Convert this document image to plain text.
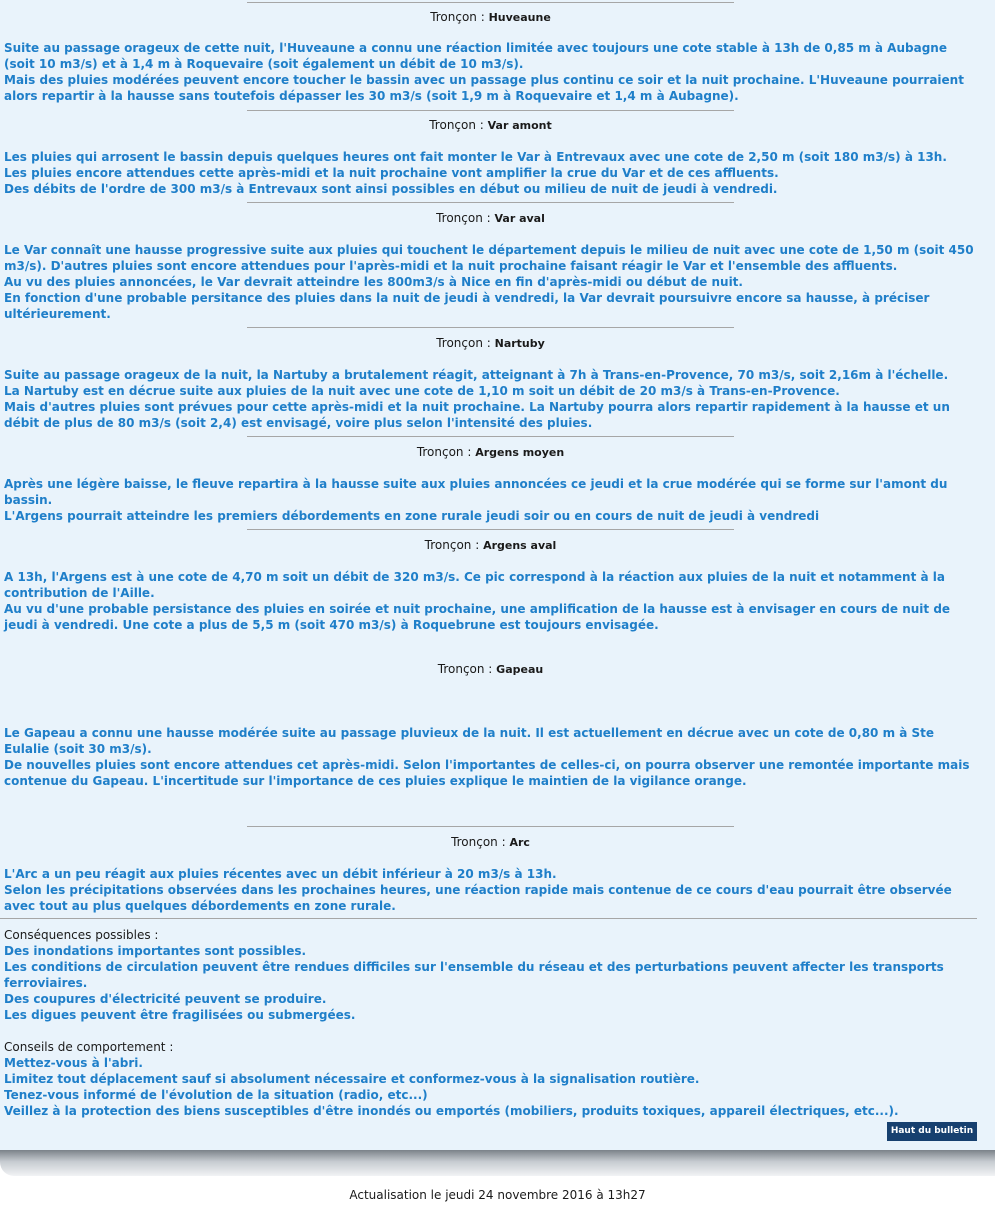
Tronçon : Huveaune

Suite au passage orageux de cette nuit, l'Huveaune a connu une réaction limitée avec toujours une cote stable à 13h de 0,85 m à Aubagne (soit 10 m3/s) et à 1,4 m à Roquevaire (soit également un débit de 10 m3/s).

Mais des pluies modérées peuvent encore toucher le bassin avec un passage plus continu ce soir et la nuit prochaine. L'Huveaune pourraient alors repartir à la hausse sans toutefois dépasser les 30 m3/s (soit 1,9 m à Roquevaire et 1,4 m à Aubagne).

Tronçon : Var amont

Les pluies qui arrosent le bassin depuis quelques heures ont fait monter le Var à Entrevaux avec une cote de 2,50 m (soit 180 m3/s) à 13h.

Les pluies encore attendues cette après-midi et la nuit prochaine vont amplifier la crue du Var et de ces affluents.

Des débits de l'ordre de 300 m3/s à Entrevaux sont ainsi possibles en début ou milieu de nuit de jeudi à vendredi.

Tronçon : Var aval

Le Var connaît une hausse progressive suite aux pluies qui touchent le département depuis le milieu de nuit avec une cote de 1,50 m (soit 450 m3/s). D'autres pluies sont encore attendues pour l'après-midi et la nuit prochaine faisant réagir le Var et l'ensemble des affluents.

Au vu des pluies annoncées, le Var devrait atteindre les 800m3/s à Nice en fin d'après-midi ou début de nuit.

En fonction d'une probable persitance des pluies dans la nuit de jeudi à vendredi, la Var devrait poursuivre encore sa hausse, à préciser ultérieurement.

Tronçon : Nartuby

Suite au passage orageux de la nuit, la Nartuby a brutalement réagit, atteignant à 7h à Trans-en-Provence, 70 m3/s, soit 2,16m à l'échelle.

La Nartuby est en décrue suite aux pluies de la nuit avec une cote de 1,10 m soit un débit de 20 m3/s à Trans-en-Provence.

Mais d'autres pluies sont prévues pour cette après-midi et la nuit prochaine. La Nartuby pourra alors repartir rapidement à la hausse et un débit de plus de 80 m3/s (soit 2,4) est envisagé, voire plus selon l'intensité des pluies.

Tronçon : Argens moyen

Après une légère baisse, le fleuve repartira à la hausse suite aux pluies annoncées ce jeudi et la crue modérée qui se forme sur l'amont du bassin.

L'Argens pourrait atteindre les premiers débordements en zone rurale jeudi soir ou en cours de nuit de jeudi à vendredi

Tronçon : Argens aval

A 13h, l'Argens est à une cote de 4,70 m soit un débit de 320 m3/s. Ce pic correspond à la réaction aux pluies de la nuit et notamment à la contribution de l'Aille.

Au vu d'une probable persistance des pluies en soirée et nuit prochaine, une amplification de la hausse est à envisager en cours de nuit de jeudi à vendredi. Une cote a plus de 5,5 m (soit 470 m3/s) à Roquebrune est toujours envisagée.

Tronçon : Gapeau

Le Gapeau a connu une hausse modérée suite au passage pluvieux de la nuit. Il est actuellement en décrue avec un cote de 0,80 m à Ste Eulalie (soit 30 m3/s).

De nouvelles pluies sont encore attendues cet après-midi. Selon l'importantes de celles-ci, on pourra observer une remontée importante mais contenue du Gapeau. L'incertitude sur l'importance de ces pluies explique le maintien de la vigilance orange.

Tronçon : Arc

L'Arc a un peu réagit aux pluies récentes avec un débit inférieur à 20 m3/s à 13h.

Selon les précipitations observées dans les prochaines heures, une réaction rapide mais contenue de ce cours d'eau pourrait être observée avec tout au plus quelques débordements en zone rurale.

Conséquences possibles :

Des inondations importantes sont possibles.

Les conditions de circulation peuvent être rendues difficiles sur l'ensemble du réseau et des perturbations peuvent affecter les transports ferroviaires.

Des coupures d'électricité peuvent se produire.

Les digues peuvent être fragilisées ou submergées.

Conseils de comportement :

Mettez-vous à l'abri.

Limitez tout déplacement sauf si absolument nécessaire et conformez-vous à la signalisation routière.

Tenez-vous informé de l'évolution de la situation (radio, etc...)

Veillez à la protection des biens susceptibles d'être inondés ou emportés (mobiliers, produits toxiques, appareil électriques, etc...).

Haut du bulletin
Actualisation le jeudi 24 novembre 2016 à 13h27
